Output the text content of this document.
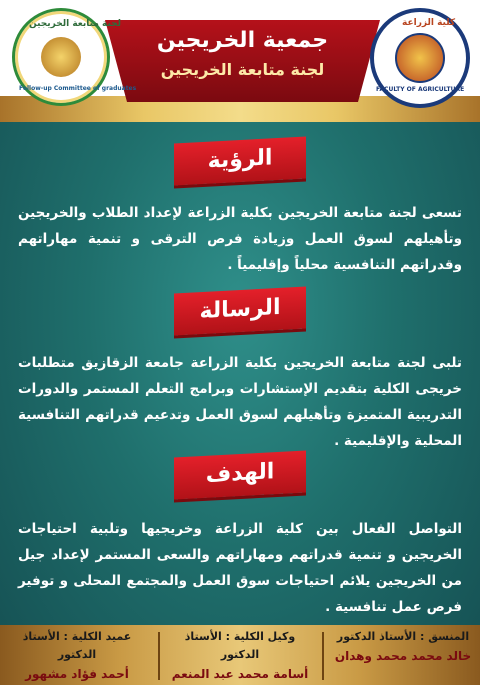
جمعية الخريجين
لجنة متابعة الخريجين
لجنة متابعة الخريجين
Follow-up Committee of graduates
كلية الزراعة
FACULTY OF AGRICULTURE
الرؤية
تسعى لجنة متابعة الخريجين بكلية الزراعة لإعداد الطلاب والخريجين وتأهيلهم لسوق العمل وزيادة فرص الترقى و تنمية مهاراتهم وقدراتهم التنافسية محلياً وإقليمياً .
الرسالة
تلبى لجنة متابعة الخريجين بكلية الزراعة جامعة الزقازيق متطلبات خريجى الكلية بتقديم الإستشارات وبرامج التعلم المستمر والدورات التدريبية المتميزة وتأهيلهم لسوق العمل وتدعيم قدراتهم التنافسية المحلية والإقليمية .
الهدف
التواصل الفعال بين كلية الزراعة وخريجيها وتلبية احتياجات الخريجين و تنمية قدراتهم ومهاراتهم والسعى المستمر لإعداد جيل من الخريجين يلائم احتياجات سوق العمل والمجتمع المحلى و توفير فرص عمل تنافسية .
المنسق : الأستاذ الدكتور
خالد محمد محمد وهدان
وكيل الكلية : الأستاذ الدكتور
أسامة محمد عبد المنعم
عميد الكلية : الأستاذ الدكتور
أحمد فؤاد مشهور
